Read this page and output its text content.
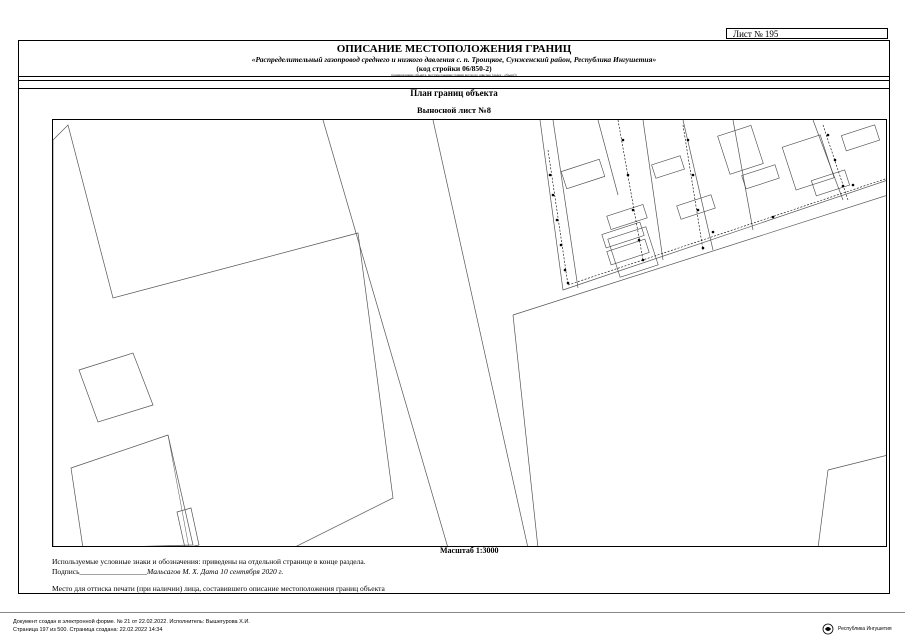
Лист № 195
ОПИСАНИЕ МЕСТОПОЛОЖЕНИЯ ГРАНИЦ
«Распределительный газопровод среднего и низкого давления с. п. Троицкое, Сунженский район, Республика Ингушетия»
(код стройки 06/850-2)
(наименование объекта, местоположение границ которого описано (далее - объект))
План границ объекта
Выносной лист №8
Масштаб 1:3000
Используемые условные знаки и обозначения: приведены на отдельной странице в конце раздела.
Подпись__________________Мальсагов М. Х. Дата 10 сентября 2020 г.
Место для оттиска печати (при наличии) лица, составившего описание местоположения границ объекта
Документ создан в электронной форме. № 21 от 22.02.2022. Исполнитель: Вышегурова Х.И.
Страница 197 из 500. Страница создана: 22.02.2022 14:34	Республика Ингушетия
